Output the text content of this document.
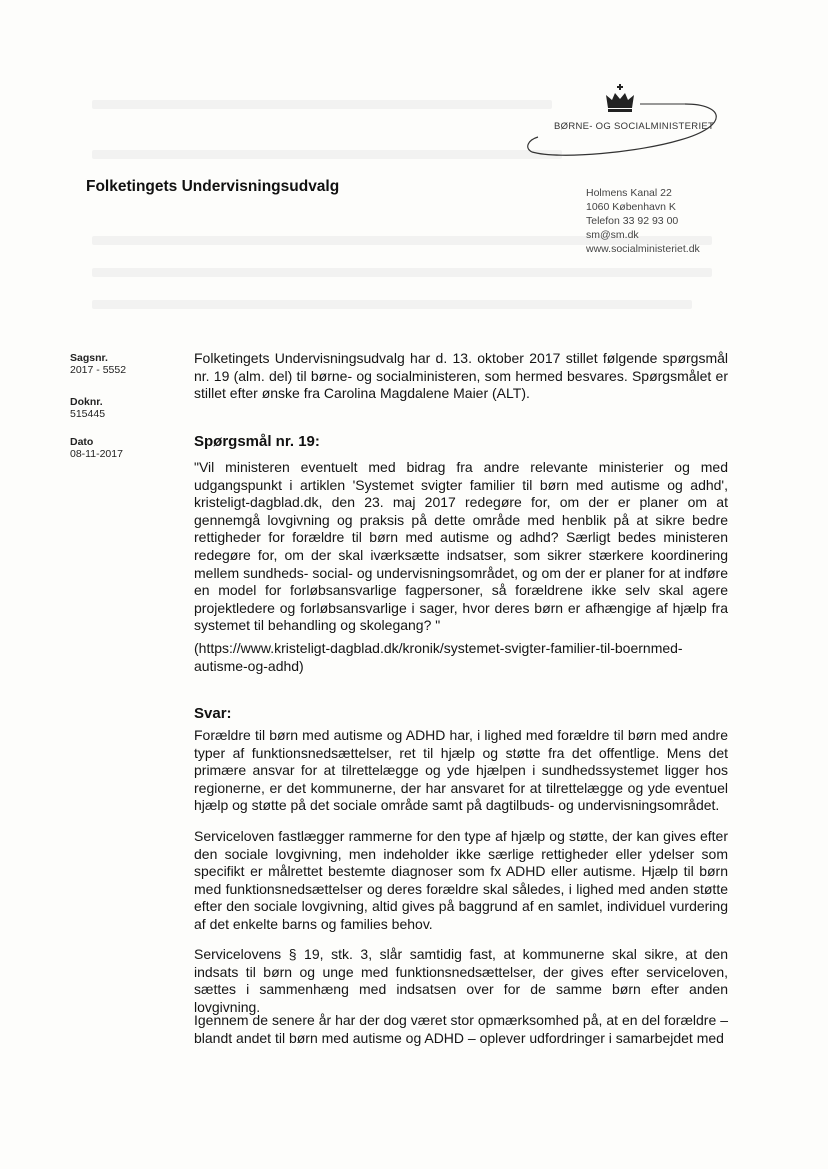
BØRNE- OG SOCIALMINISTERIET
Folketingets Undervisningsudvalg	Holmens Kanal 22
1060 København K
Telefon 33 92 93 00
sm@sm.dk
www.socialministeriet.dk
Sagsnr.
2017 - 5552
Doknr.
515445
Dato
08-11-2017
Folketingets Undervisningsudvalg har d. 13. oktober 2017 stillet følgende spørgsmål nr. 19 (alm. del) til børne- og socialministeren, som hermed besvares. Spørgsmålet er stillet efter ønske fra Carolina Magdalene Maier (ALT).
Spørgsmål nr. 19:
"Vil ministeren eventuelt med bidrag fra andre relevante ministerier og med udgangspunkt i artiklen 'Systemet svigter familier til børn med autisme og adhd', kristeligt-dagblad.dk, den 23. maj 2017 redegøre for, om der er planer om at gennemgå lovgivning og praksis på dette område med henblik på at sikre bedre rettigheder for forældre til børn med autisme og adhd? Særligt bedes ministeren redegøre for, om der skal iværksætte indsatser, som sikrer stærkere koordinering mellem sundheds- social- og undervisningsområdet, og om der er planer for at indføre en model for forløbsansvarlige fagpersoner, så forældrene ikke selv skal agere projektledere og forløbsansvarlige i sager, hvor deres børn er afhængige af hjælp fra systemet til behandling og skolegang? "
(https://www.kristeligt-dagblad.dk/kronik/systemet-svigter-familier-til-boernmed-autisme-og-adhd)
Svar:
Forældre til børn med autisme og ADHD har, i lighed med forældre til børn med andre typer af funktionsnedsættelser, ret til hjælp og støtte fra det offentlige. Mens det primære ansvar for at tilrettelægge og yde hjælpen i sundhedssystemet ligger hos regionerne, er det kommunerne, der har ansvaret for at tilrettelægge og yde eventuel hjælp og støtte på det sociale område samt på dagtilbuds- og undervisningsområdet.
Serviceloven fastlægger rammerne for den type af hjælp og støtte, der kan gives efter den sociale lovgivning, men indeholder ikke særlige rettigheder eller ydelser som specifikt er målrettet bestemte diagnoser som fx ADHD eller autisme. Hjælp til børn med funktionsnedsættelser og deres forældre skal således, i lighed med anden støtte efter den sociale lovgivning, altid gives på baggrund af en samlet, individuel vurdering af det enkelte barns og families behov.
Servicelovens § 19, stk. 3, slår samtidig fast, at kommunerne skal sikre, at den indsats til børn og unge med funktionsnedsættelser, der gives efter serviceloven, sættes i sammenhæng med indsatsen over for de samme børn efter anden lovgivning.
Igennem de senere år har der dog været stor opmærksomhed på, at en del forældre – blandt andet til børn med autisme og ADHD – oplever udfordringer i samarbejdet med
